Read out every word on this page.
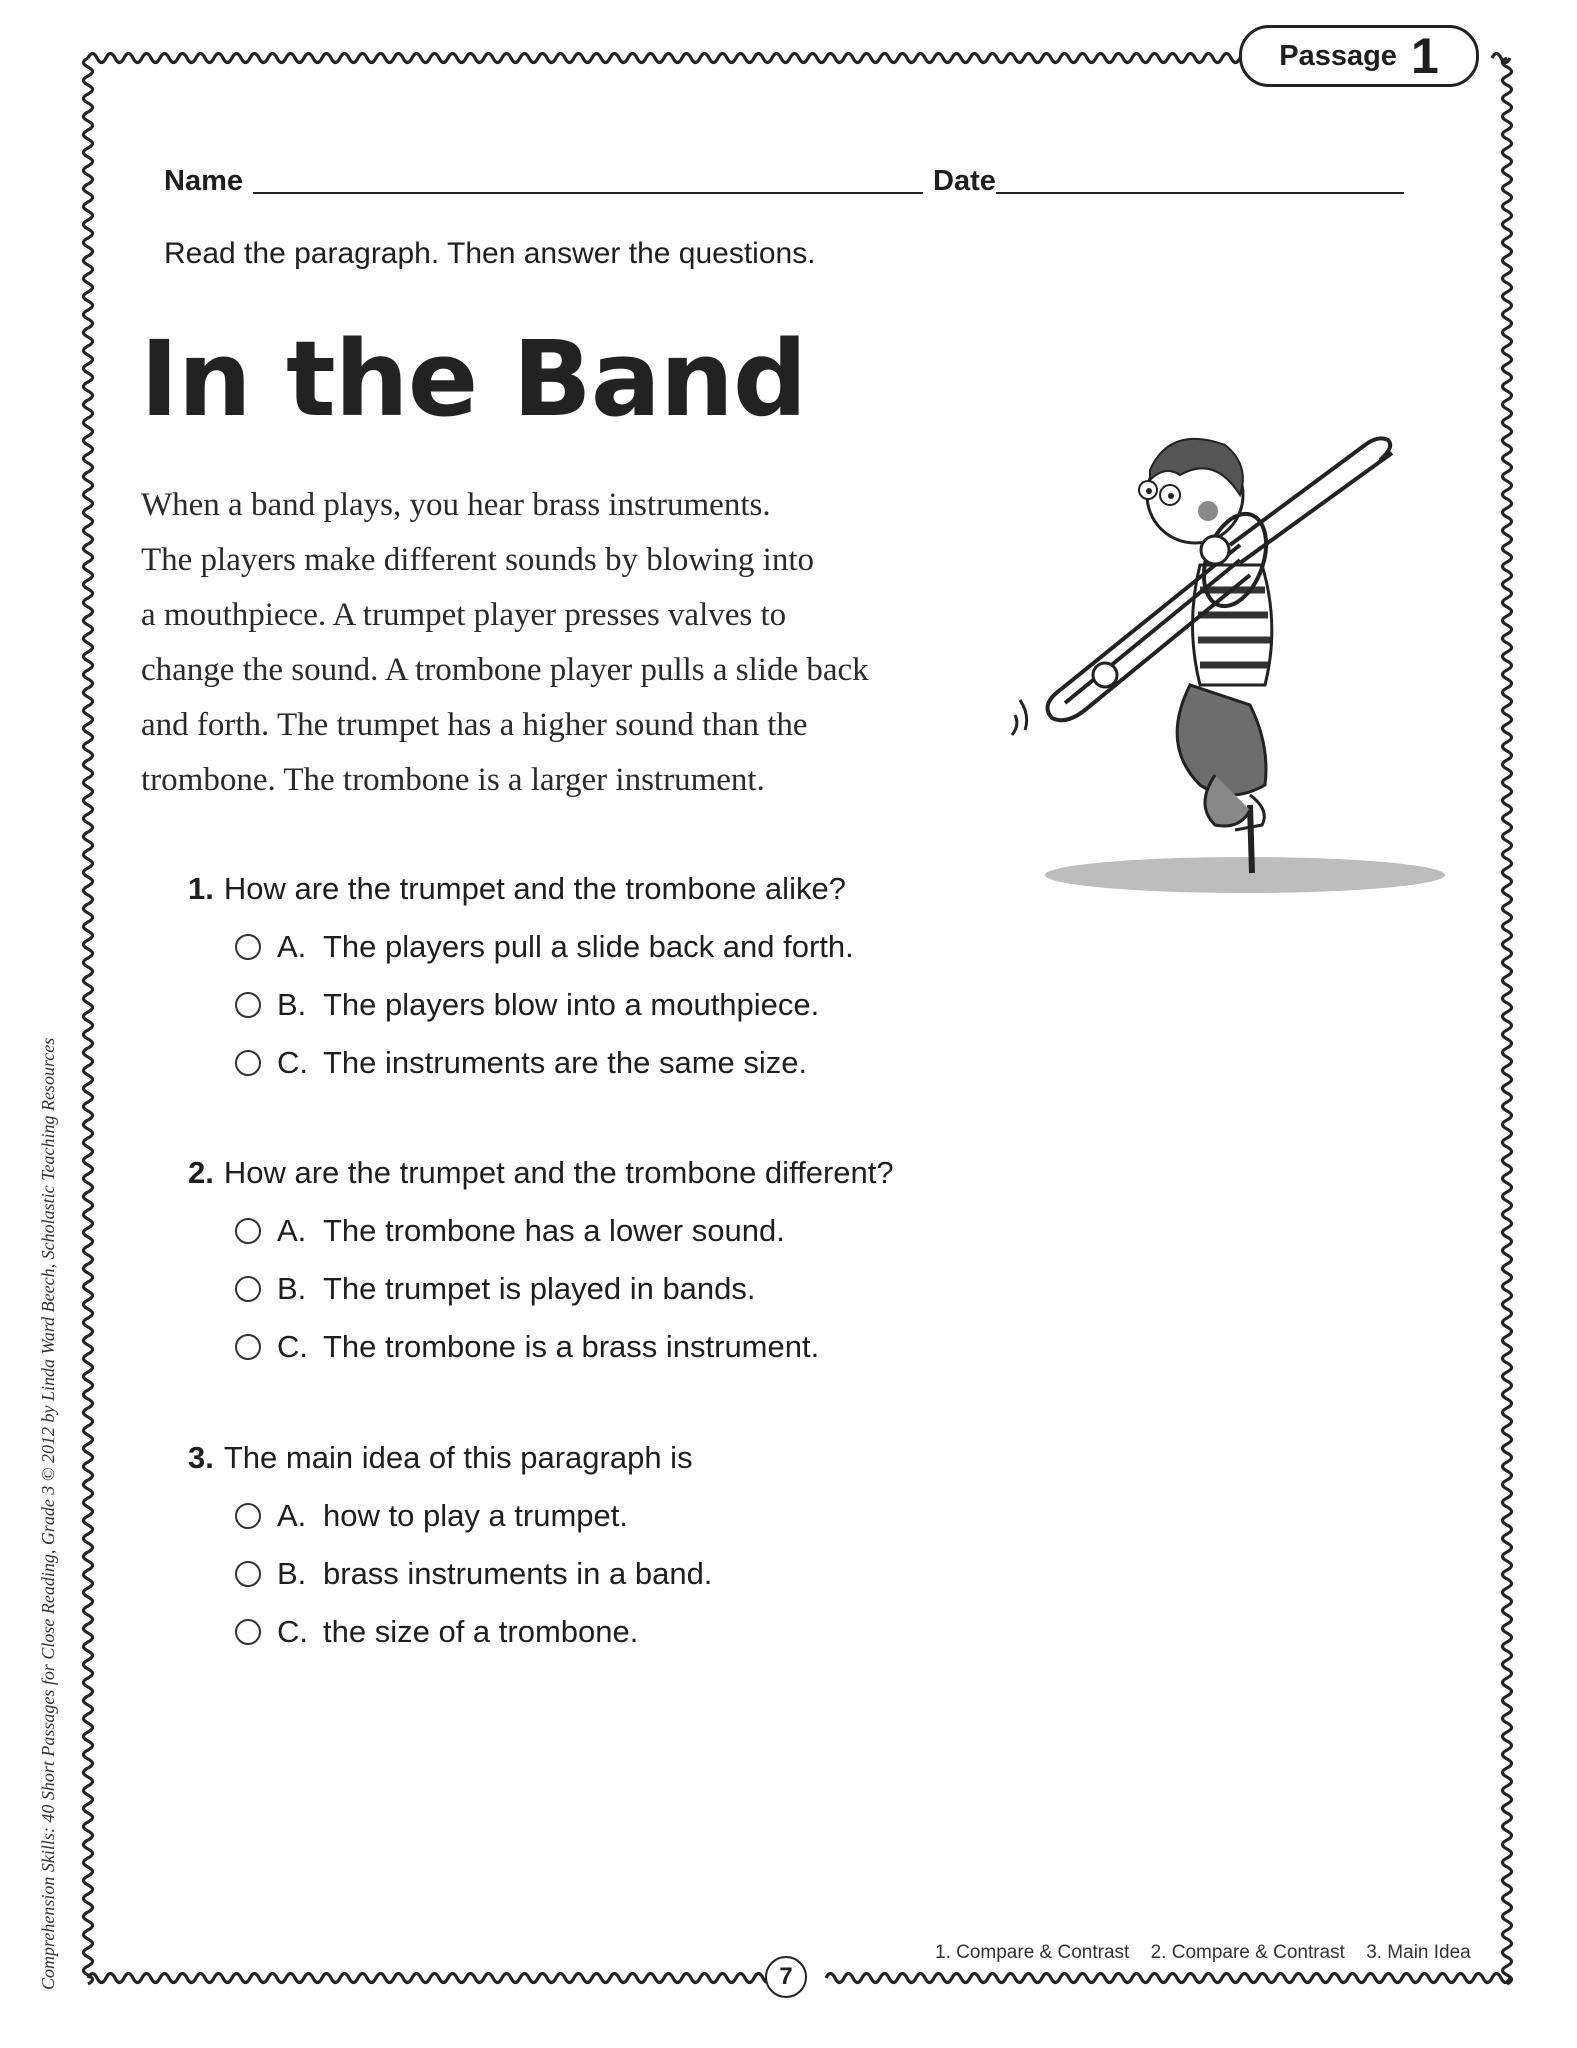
Passage 1
Name	Date
Read the paragraph. Then answer the questions.
In the Band
When a band plays, you hear brass instruments.
The players make different sounds by blowing into
a mouthpiece. A trumpet player presses valves to
change the sound. A trombone player pulls a slide back
and forth. The trumpet has a higher sound than the
trombone. The trombone is a larger instrument.
1. How are the trumpet and the trombone alike?
A. The players pull a slide back and forth.
B. The players blow into a mouthpiece.
C. The instruments are the same size.
2. How are the trumpet and the trombone different?
A. The trombone has a lower sound.
B. The trumpet is played in bands.
C. The trombone is a brass instrument.
3. The main idea of this paragraph is
A. how to play a trumpet.
B. brass instruments in a band.
C. the size of a trombone.
1. Compare & Contrast 2. Compare & Contrast 3. Main Idea
7
Comprehension Skills: 40 Short Passages for Close Reading, Grade 3 © 2012 by Linda Ward Beech, Scholastic Teaching Resources
